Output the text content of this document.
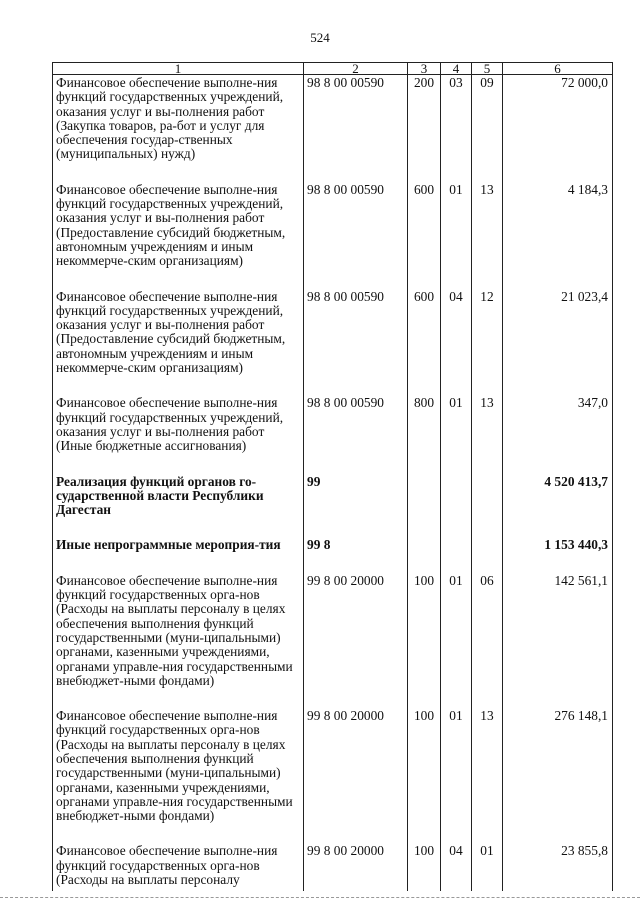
524
1	2	3	4	5	6
Финансовое обеспечение выполне-ния функций государственных учреждений, оказания услуг и вы-полнения работ (Закупка товаров, ра-бот и услуг для обеспечения государ-ственных (муниципальных) нужд)	98 8 00 00590	200	03	09	72 000,0
Финансовое обеспечение выполне-ния функций государственных учреждений, оказания услуг и вы-полнения работ (Предоставление субсидий бюджетным, автономным учреждениям и иным некоммерче-ским организациям)	98 8 00 00590	600	01	13	4 184,3
Финансовое обеспечение выполне-ния функций государственных учреждений, оказания услуг и вы-полнения работ (Предоставление субсидий бюджетным, автономным учреждениям и иным некоммерче-ским организациям)	98 8 00 00590	600	04	12	21 023,4
Финансовое обеспечение выполне-ния функций государственных учреждений, оказания услуг и вы-полнения работ (Иные бюджетные ассигнования)	98 8 00 00590	800	01	13	347,0
Реализация функций органов го-сударственной власти Республики Дагестан	99				4 520 413,7
Иные непрограммные мероприя-тия	99 8				1 153 440,3
Финансовое обеспечение выполне-ния функций государственных орга-нов (Расходы на выплаты персоналу в целях обеспечения выполнения функций государственными (муни-ципальными) органами, казенными учреждениями, органами управле-ния государственными внебюджет-ными фондами)	99 8 00 20000	100	01	06	142 561,1
Финансовое обеспечение выполне-ния функций государственных орга-нов (Расходы на выплаты персоналу в целях обеспечения выполнения функций государственными (муни-ципальными) органами, казенными учреждениями, органами управле-ния государственными внебюджет-ными фондами)	99 8 00 20000	100	01	13	276 148,1
Финансовое обеспечение выполне-ния функций государственных орга-нов (Расходы на выплаты персоналу	99 8 00 20000	100	04	01	23 855,8
